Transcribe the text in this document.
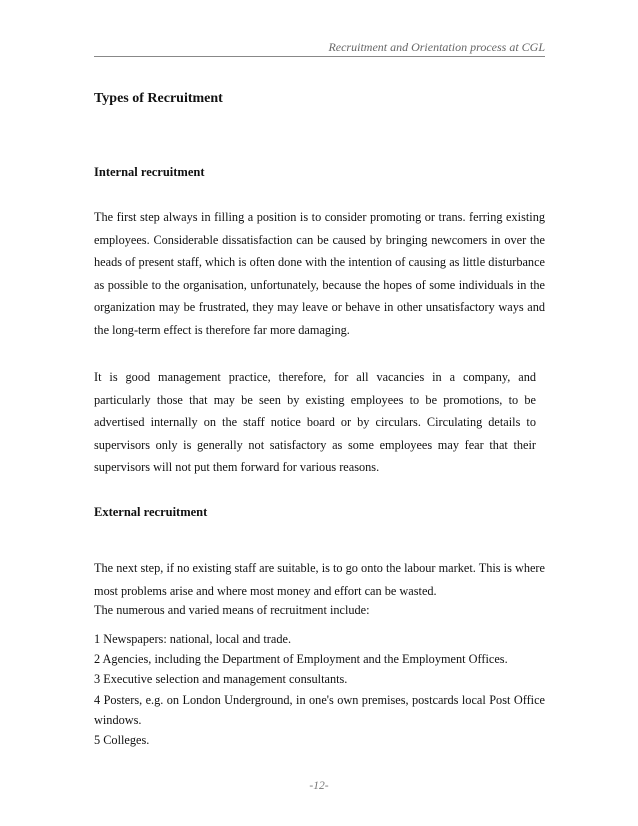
Recruitment and Orientation process at CGL
Types of Recruitment
Internal recruitment

The first step always in filling a position is to consider promoting or trans. ferring existing employees. Considerable dissatisfaction can be caused by bringing newcomers in over the heads of present staff, which is often done with the intention of causing as little disturbance as possible to the organisation, unfortunately, because the hopes of some individuals in the organization may be frustrated, they may leave or behave in other unsatisfactory ways and the long-term effect is therefore far more damaging.

It is good management practice, therefore, for all vacancies in a company, and particularly those that may be seen by existing employees to be promotions, to be advertised internally on the staff notice board or by circulars. Circulating details to supervisors only is generally not satisfactory as some employees may fear that their supervisors will not put them forward for various reasons.

External recruitment

The next step, if no existing staff are suitable, is to go onto the labour market. This is where most problems arise and where most money and effort can be wasted.

The numerous and varied means of recruitment include:

1 Newspapers: national, local and trade.
2 Agencies, including the Department of Employment and the Employment Offices.
3 Executive selection and management consultants.
4 Posters, e.g. on London Underground, in one's own premises, postcards local Post Office windows.
5 Colleges.
-12-
